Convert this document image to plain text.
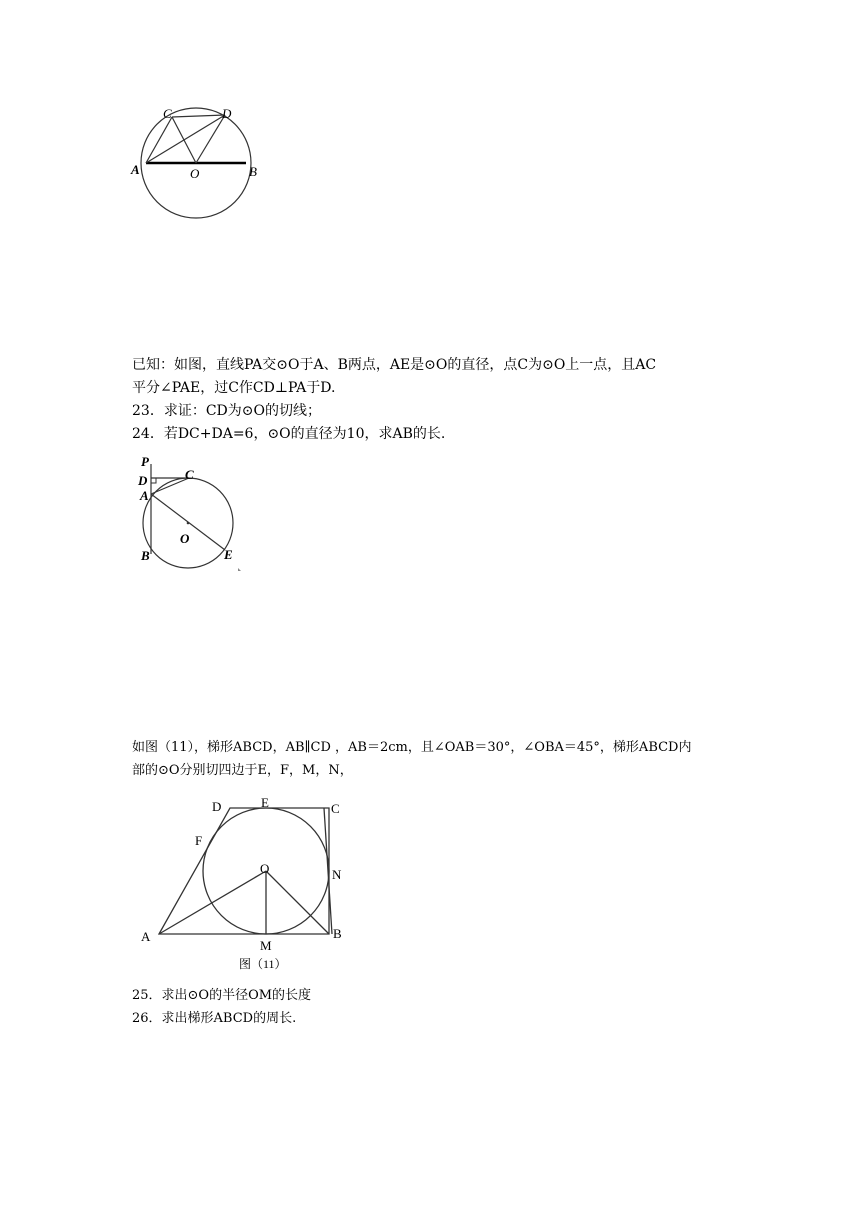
A	B
C	D
O
已知：如图，直线PA交⊙O于A、B两点，AE是⊙O的直径，点C为⊙O上一点，且AC
平分∠PAE，过C作CD⊥PA于D.
23．求证：CD为⊙O的切线；
24．若DC+DA=6，⊙O的直径为10，求AB的长.
P
D	C
A
O
B	E
如图（11），梯形ABCD，AB∥CD ，AB＝2cm，且∠OAB＝30°，∠OBA＝45°，梯形ABCD内
部的⊙O分别切四边于E，F，M，N，
D	E	C
F
O	N
A
M
B
图（11）
25．求出⊙O的半径OM的长度
26．求出梯形ABCD的周长.
